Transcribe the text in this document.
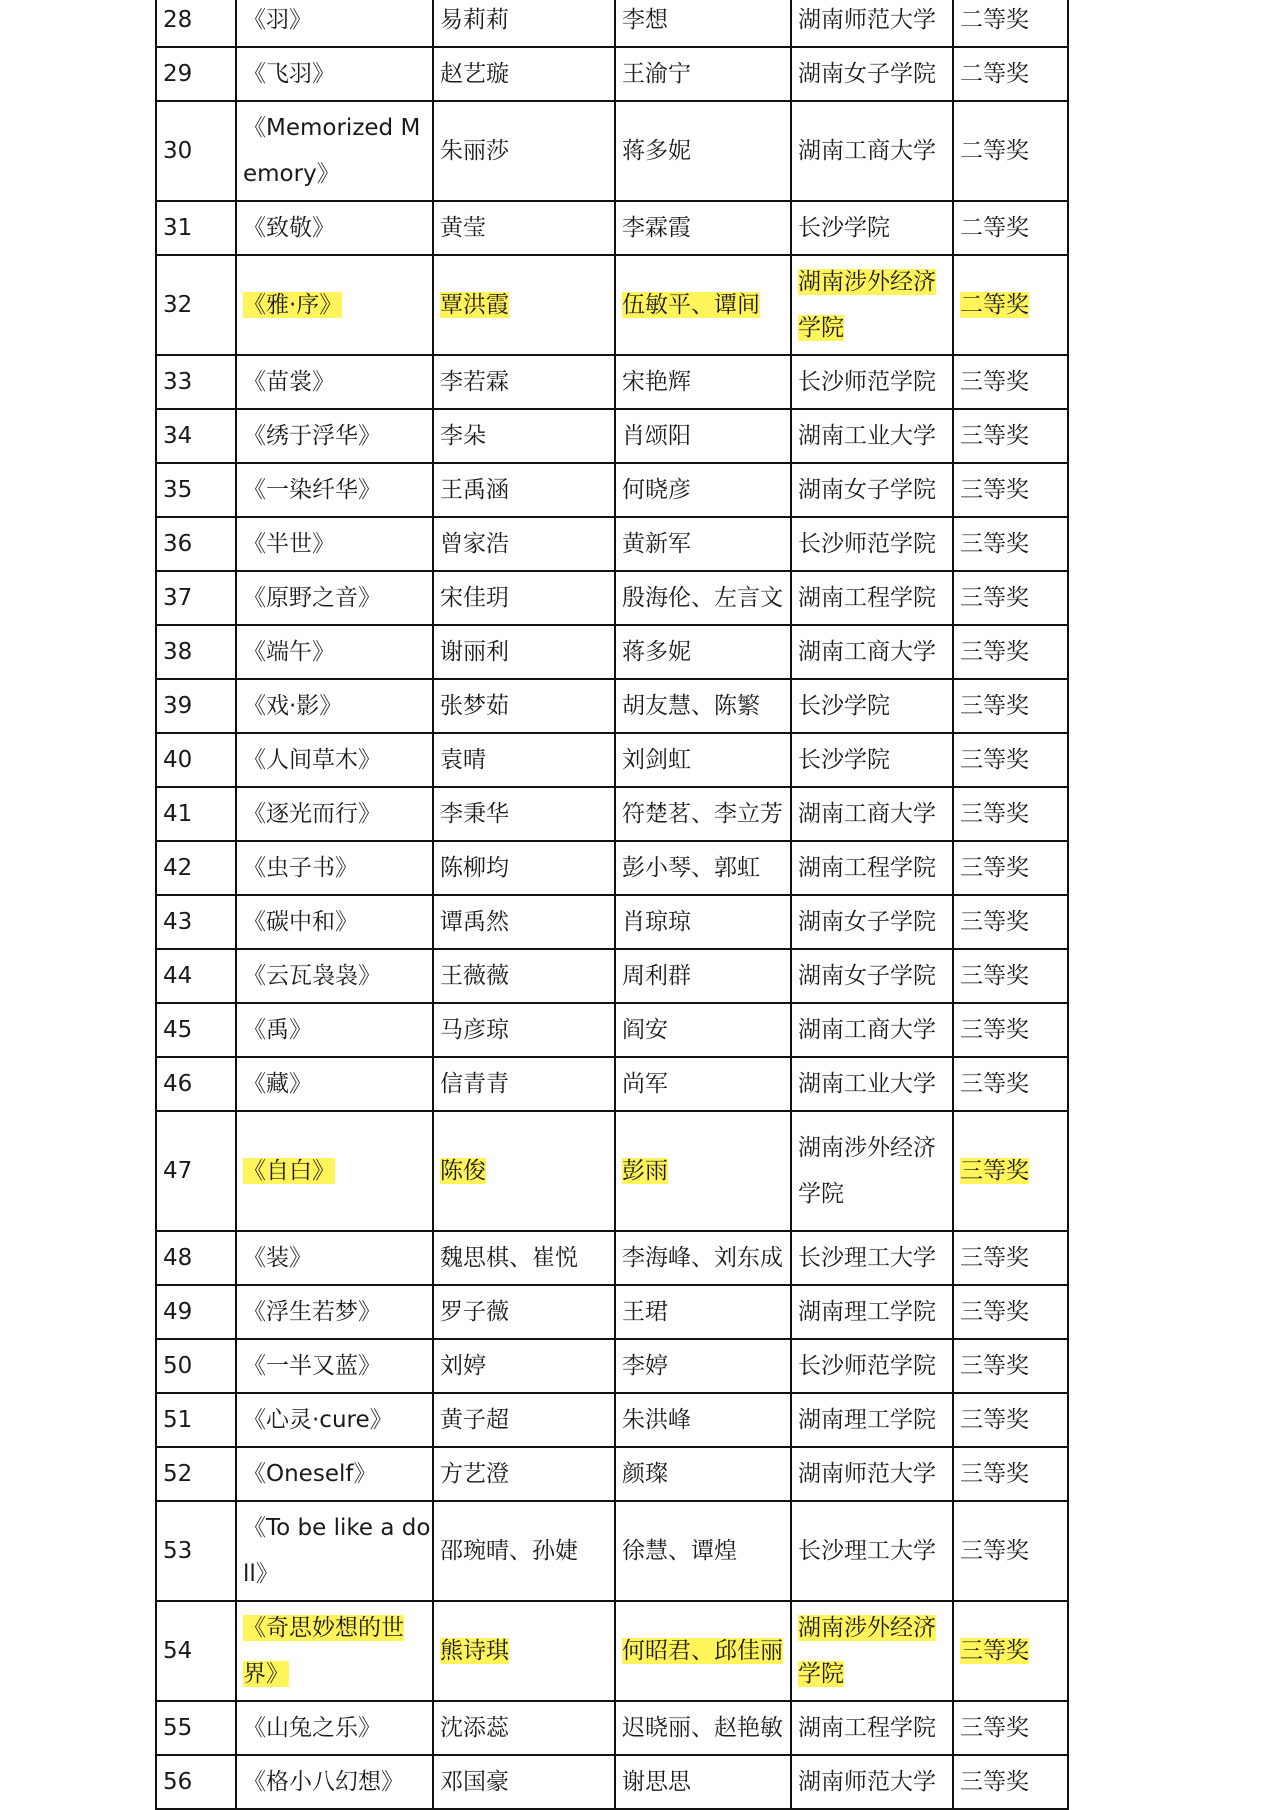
28	《羽》	易莉莉	李想	湖南师范大学	二等奖
29	《飞羽》	赵艺璇	王渝宁	湖南女子学院	二等奖
30	《Memorized Memory》	朱丽莎	蒋多妮	湖南工商大学	二等奖
31	《致敬》	黄莹	李霖霞	长沙学院	二等奖
32	《雅·序》	覃洪霞	伍敏平、谭间	湖南涉外经济学院	二等奖
33	《苗裳》	李若霖	宋艳辉	长沙师范学院	三等奖
34	《绣于浮华》	李朵	肖颂阳	湖南工业大学	三等奖
35	《一染纤华》	王禹涵	何晓彦	湖南女子学院	三等奖
36	《半世》	曾家浩	黄新军	长沙师范学院	三等奖
37	《原野之音》	宋佳玥	殷海伦、左言文	湖南工程学院	三等奖
38	《端午》	谢丽利	蒋多妮	湖南工商大学	三等奖
39	《戏·影》	张梦茹	胡友慧、陈繁	长沙学院	三等奖
40	《人间草木》	袁晴	刘剑虹	长沙学院	三等奖
41	《逐光而行》	李秉华	符楚茗、李立芳	湖南工商大学	三等奖
42	《虫子书》	陈柳均	彭小琴、郭虹	湖南工程学院	三等奖
43	《碳中和》	谭禹然	肖琼琼	湖南女子学院	三等奖
44	《云瓦袅袅》	王薇薇	周利群	湖南女子学院	三等奖
45	《禹》	马彦琼	阎安	湖南工商大学	三等奖
46	《藏》	信青青	尚军	湖南工业大学	三等奖
47	《自白》	陈俊	彭雨	湖南涉外经济学院	三等奖
48	《装》	魏思棋、崔悦	李海峰、刘东成	长沙理工大学	三等奖
49	《浮生若梦》	罗子薇	王珺	湖南理工学院	三等奖
50	《一半又蓝》	刘婷	李婷	长沙师范学院	三等奖
51	《心灵·cure》	黄子超	朱洪峰	湖南理工学院	三等奖
52	《Oneself》	方艺澄	颜璨	湖南师范大学	三等奖
53	《To be like a doll》	邵琬晴、孙婕	徐慧、谭煌	长沙理工大学	三等奖
54	《奇思妙想的世界》	熊诗琪	何昭君、邱佳丽	湖南涉外经济学院	三等奖
55	《山兔之乐》	沈添蕊	迟晓丽、赵艳敏	湖南工程学院	三等奖
56	《格小八幻想》	邓国豪	谢思思	湖南师范大学	三等奖
